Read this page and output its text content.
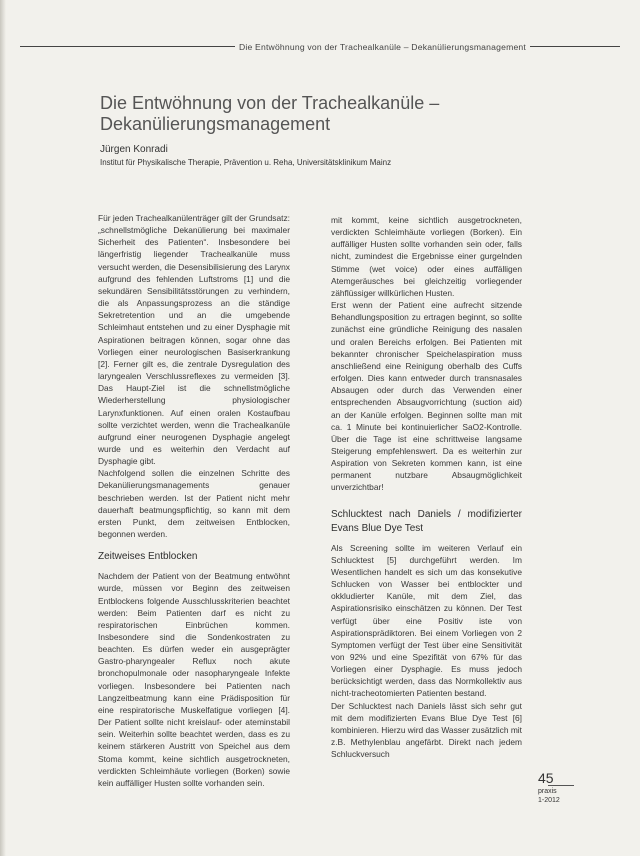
Die Entwöhnung von der Trachealkanüle – Dekanülierungsmanagement
Die Entwöhnung von der Trachealkanüle – Dekanülierungsmanagement
Jürgen Konradi
Institut für Physikalische Therapie, Prävention u. Reha, Universitätsklinikum Mainz

Für jeden Trachealkanülenträger gilt der Grundsatz: „schnellstmögliche Dekanülierung bei maximaler Sicherheit des Patienten“. Insbesondere bei längerfristig liegender Trachealkanüle muss versucht werden, die Desensibilisierung des Larynx aufgrund des fehlenden Luftstroms [1] und die sekundären Sensibilitätsstörungen zu verhindern, die als Anpassungsprozess an die ständige Sekretretention und an die umgebende Schleimhaut entstehen und zu einer Dysphagie mit Aspirationen beitragen können, sogar ohne das Vorliegen einer neurologischen Basiserkrankung [2]. Ferner gilt es, die zentrale Dysregulation des laryngealen Verschlussreflexes zu vermeiden [3]. Das Haupt-Ziel ist die schnellstmögliche Wiederherstellung physiologischer Larynxfunktionen. Auf einen oralen Kostaufbau sollte verzichtet werden, wenn die Trachealkanüle aufgrund einer neurogenen Dysphagie angelegt wurde und es weiterhin den Verdacht auf Dysphagie gibt.

Nachfolgend sollen die einzelnen Schritte des Dekanülierungsmanagements genauer beschrieben werden. Ist der Patient nicht mehr dauerhaft beatmungspflichtig, so kann mit dem ersten Punkt, dem zeitweisen Entblocken, begonnen werden.

Zeitweises Entblocken

Nachdem der Patient von der Beatmung entwöhnt wurde, müssen vor Beginn des zeitweisen Entblockens folgende Ausschlusskriterien beachtet werden: Beim Patienten darf es nicht zu respiratorischen Einbrüchen kommen. Insbesondere sind die Sondenkostraten zu beachten. Es dürfen weder ein ausgeprägter Gastro-pharyngealer Reflux noch akute bronchopulmonale oder nasopharyngeale Infekte vorliegen. Insbesondere bei Patienten nach Langzeitbeatmung kann eine Prädisposition für eine respiratorische Muskelfatigue vorliegen [4]. Der Patient sollte nicht kreislauf- oder ateminstabil sein. Weiterhin sollte beachtet werden, dass es zu keinem stärkeren Austritt von Speichel aus dem Stoma kommt, keine sichtlich ausgetrockneten, verdickten Schleimhäute vorliegen (Borken) sowie kein auffälliger Husten sollte vorhanden sein.

mit kommt, keine sichtlich ausgetrockneten, verdickten Schleimhäute vorliegen (Borken). Ein auffälliger Husten sollte vorhanden sein oder, falls nicht, zumindest die Ergebnisse einer gurgelnden Stimme (wet voice) oder eines auffälligen Atemgeräusches bei gleichzeitig vorliegender zähflüssiger willkürlichen Husten.

Erst wenn der Patient eine aufrecht sitzende Behandlungsposition zu ertragen beginnt, so sollte zunächst eine gründliche Reinigung des nasalen und oralen Bereichs erfolgen. Bei Patienten mit bekannter chronischer Speichelaspiration muss anschließend eine Reinigung oberhalb des Cuffs erfolgen. Dies kann entweder durch transnasales Absaugen oder durch das Verwenden einer entsprechenden Absaugvorrichtung (suction aid) an der Kanüle erfolgen. Beginnen sollte man mit ca. 1 Minute bei kontinuierlicher SaO2-Kontrolle. Über die Tage ist eine schrittweise langsame Steigerung empfehlenswert. Da es weiterhin zur Aspiration von Sekreten kommen kann, ist eine permanent nutzbare Absaugmöglichkeit unverzichtbar!

Schlucktest nach Daniels / modifizierter Evans Blue Dye Test

Als Screening sollte im weiteren Verlauf ein Schlucktest [5] durchgeführt werden. Im Wesentlichen handelt es sich um das konsekutive Schlucken von Wasser bei entblockter und okkludierter Kanüle, mit dem Ziel, das Aspirationsrisiko einschätzen zu können. Der Test verfügt über eine Positiv iste von Aspirationsprädiktoren. Bei einem Vorliegen von 2 Symptomen verfügt der Test über eine Sensitivität von 92% und eine Spezifität von 67% für das Vorliegen einer Dysphagie. Es muss jedoch berücksichtigt werden, dass das Normkollektiv aus nicht-tracheotomierten Patienten bestand.

Der Schlucktest nach Daniels lässt sich sehr gut mit dem modifizierten Evans Blue Dye Test [6] kombinieren. Hierzu wird das Wasser zusätzlich mit z.B. Methylenblau angefärbt. Direkt nach jedem Schluckversuch

45
praxis
1-2012
